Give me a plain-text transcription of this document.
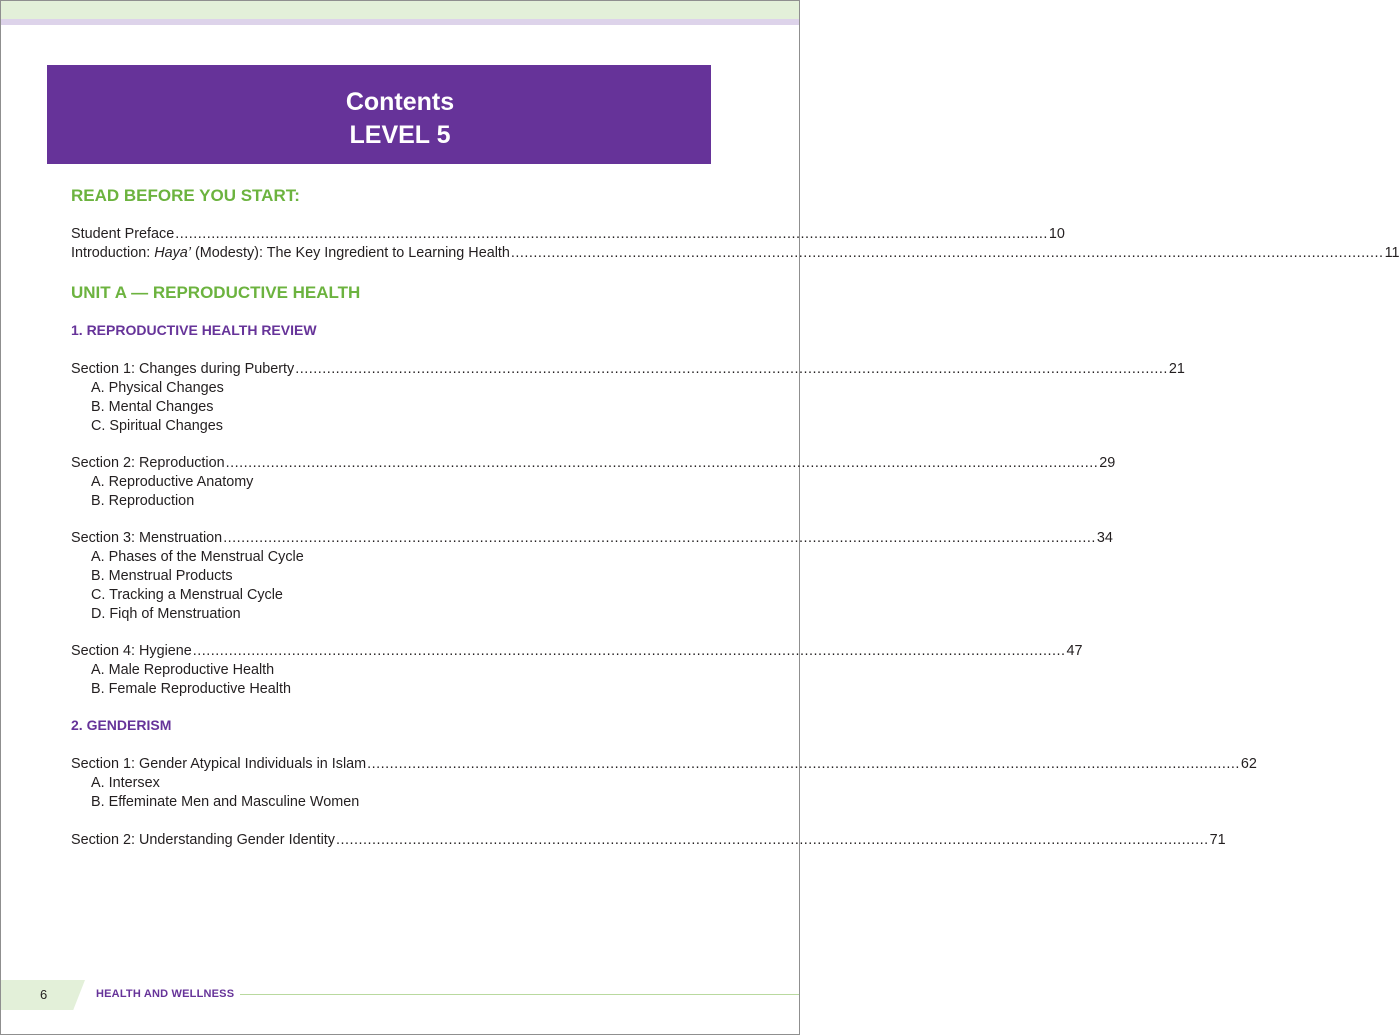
Contents
LEVEL 5
READ BEFORE YOU START:
Student Preface .................................................................................................................................................................................................. 10
Introduction: Haya’ (Modesty): The Key Ingredient to Learning Health .................................................................................................................................................................................................. 11
UNIT A — REPRODUCTIVE HEALTH
1. REPRODUCTIVE HEALTH REVIEW
Section 1: Changes during Puberty .................................................................................................................................................................................................. 21
A. Physical Changes
B. Mental Changes
C. Spiritual Changes
Section 2: Reproduction .................................................................................................................................................................................................. 29
A. Reproductive Anatomy
B. Reproduction
Section 3: Menstruation .................................................................................................................................................................................................. 34
A. Phases of the Menstrual Cycle
B. Menstrual Products
C. Tracking a Menstrual Cycle
D. Fiqh of Menstruation
Section 4: Hygiene .................................................................................................................................................................................................. 47
A. Male Reproductive Health
B. Female Reproductive Health
2. GENDERISM
Section 1: Gender Atypical Individuals in Islam .................................................................................................................................................................................................. 62
A. Intersex
B. Effeminate Men and Masculine Women
Section 2: Understanding Gender Identity .................................................................................................................................................................................................. 71
6	HEALTH AND WELLNESS
